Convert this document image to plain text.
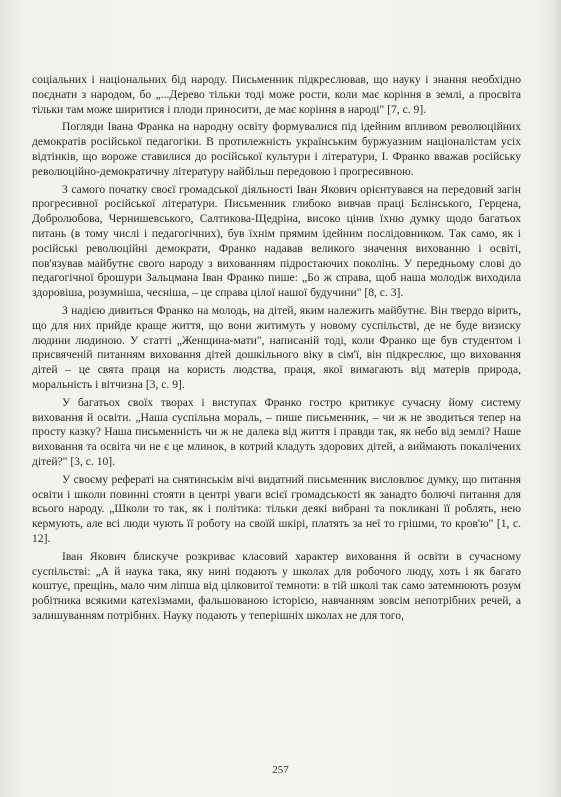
соціальних і національних бід народу. Письменник підкреслював, що науку і знання необхідно поєднати з народом, бо „...Дерево тільки тоді може рости, коли має коріння в землі, а просвіта тільки там може ширитися і плоди приносити, де має коріння в народі" [7, с. 9].

Погляди Івана Франка на народну освіту формувалися під ідейним впливом революційних демократів російської педагогіки. В протилежність українським буржуазним націоналістам усіх відтінків, що вороже ставилися до російської культури і літератури, І. Франко вважав російську революційно-демократичну літературу найбільш передовою і прогресивною.

З самого початку своєї громадської діяльності Іван Якович орієнтувався на передовий загін прогресивної російської літератури. Письменник глибоко вивчав праці Бєлінського, Герцена, Добролюбова, Чернишевського, Салтикова-Щедріна, високо цінив їхню думку щодо багатьох питань (в тому числі і педагогічних), був їхнім прямим ідейним послідовником. Так само, як і російські революційні демократи, Франко надавав великого значення вихованню і освіті, пов'язував майбутнє свого народу з вихованням підростаючих поколінь. У передньому слові до педагогічної брошури Зальцмана Іван Франко пише: „Бо ж справа, щоб наша молодіж виходила здоровіша, розумніша, чесніша, – це справа цілої нашої будучини" [8, с. 3].

З надією дивиться Франко на молодь, на дітей, яким належить майбутнє. Він твердо вірить, що для них прийде краще життя, що вони житимуть у новому суспільстві, де не буде визиску людини людиною. У статті „Женщина-мати", написаній тоді, коли Франко ще був студентом і присвяченій питанням виховання дітей дошкільного віку в сім'ї, він підкреслює, що виховання дітей – це свята праця на користь людства, праця, якої вимагають від матерів природа, моральність і вітчизна [3, с. 9].

У багатьох своїх творах і виступах Франко гостро критикує сучасну йому систему виховання й освіти. „Наша суспільна мораль, – пише письменник, – чи ж не зводиться тепер на просту казку? Наша письменність чи ж не далека від життя і правди так, як небо від землі? Наше виховання та освіта чи не є це млинок, в котрий кладуть здорових дітей, а виймають покалічених дітей?" [3, с. 10].

У своєму рефераті на снятинськім вічі видатний письменник висловлює думку, що питання освіти і школи повинні стояти в центрі уваги всієї громадськості як занадто болючі питання для всього народу. „Школи то так, як і політика: тільки деякі вибрані та покликані її роблять, нею кермують, але всі люди чують її роботу на своїй шкірі, платять за неї то грішми, то кров'ю" [1, с. 12].

Іван Якович блискуче розкриває класовий характер виховання й освіти в сучасному суспільстві: „А й наука така, яку нині подають у школах для робочого люду, хоть і як багато коштує, прещінь, мало чим ліпша від цілковитої темноти: в тій школі так само затемнюють розум робітника всякими катехізмами, фальшованою історією, навчанням зовсім непотрібних речей, а залишуванням потрібних. Науку подають у теперішніх школах не для того,

257
